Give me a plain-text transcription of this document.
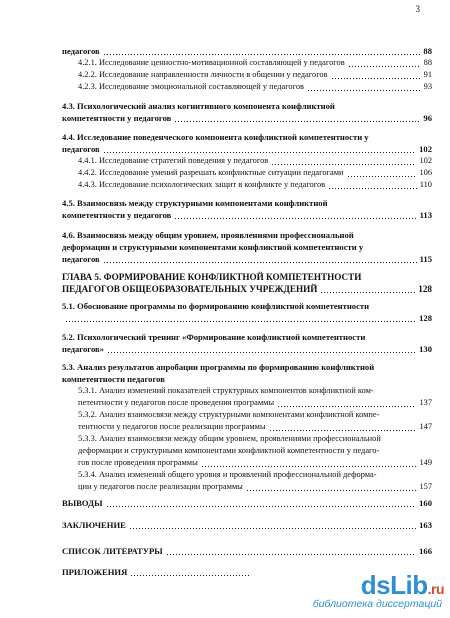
3
педагогов	88
4.2.1. Исследование ценностно-мотивационной составляющей у педагогов	88
4.2.2. Исследование направленности личности в общении у педагогов	91
4.2.3. Исследование эмоциональной составляющей у педагогов	93
4.3. Психологический анализ когнитивного компонента конфликтной
компетентности у педагогов	96
4.4. Исследование поведенческого компонента конфликтной компетентности у
педагогов	102
4.4.1. Исследование стратегий поведения у педагогов	102
4.4.2. Исследование умений разрешать конфликтные ситуации педагогами	106
4.4.3. Исследование психологических защит в конфликте у педагогов	110
4.5. Взаимосвязь между структурными компонентами конфликтной
компетентности у педагогов	113
4.6. Взаимосвязь между общим уровнем, проявлениями профессиональной
деформации и структурными компонентами конфликтной компетентности у
педагогов	115
ГЛАВА 5. ФОРМИРОВАНИЕ КОНФЛИКТНОЙ КОМПЕТЕНТНОСТИ
ПЕДАГОГОВ ОБЩЕОБРАЗОВАТЕЛЬНЫХ УЧРЕЖДЕНИЙ	128
5.1. Обоснование программы по формированию конфликтной компетентности
128
5.2. Психологический тренинг «Формирование конфликтной компетентности
педагогов»	130
5.3. Анализ результатов апробации программы по формированию конфликтной
компетентности педагогов
5.3.1. Анализ изменений показателей структурных компонентов конфликтной ком-
петентности у педагогов после проведения программы	137
5.3.2. Анализ взаимосвязи между структурными компонентами конфликтной компе-
тентности у педагогов после реализации программы	147
5.3.3. Анализ взаимосвязи между общим уровнем, проявлениями профессиональной
деформации и структурными компонентами конфликтной компетентности у педаго-
гов после проведения программы	149
5.3.4. Анализ изменений общего уровня и проявлений профессиональной деформа-
ции у педагогов после реализации программы	157
ВЫВОДЫ	160
ЗАКЛЮЧЕНИЕ	163
СПИСОК ЛИТЕРАТУРЫ	166
ПРИЛОЖЕНИЯ	dsLib.ru
библиотека диссертаций
